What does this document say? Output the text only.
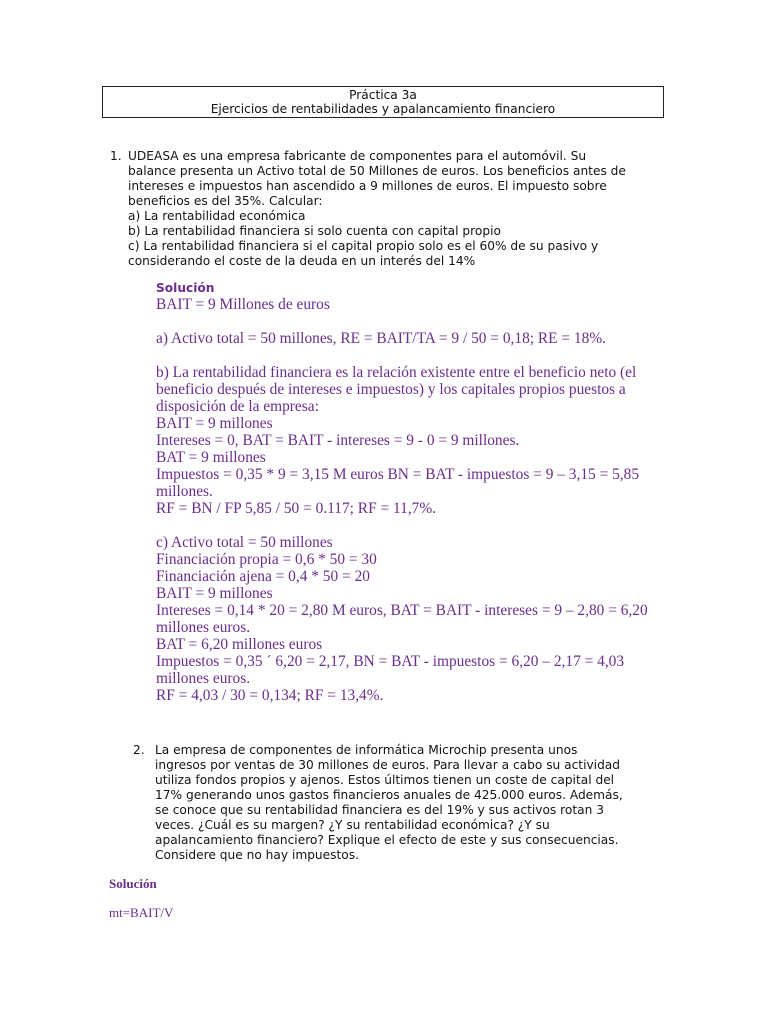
Práctica 3a
Ejercicios de rentabilidades y apalancamiento financiero
1. UDEASA es una empresa fabricante de componentes para el automóvil. Su
balance presenta un Activo total de 50 Millones de euros. Los beneficios antes de
intereses e impuestos han ascendido a 9 millones de euros. El impuesto sobre
beneficios es del 35%. Calcular:
a) La rentabilidad económica
b) La rentabilidad financiera si solo cuenta con capital propio
c) La rentabilidad financiera si el capital propio solo es el 60% de su pasivo y
considerando el coste de la deuda en un interés del 14%
Solución
BAIT = 9 Millones de euros
a) Activo total = 50 millones, RE = BAIT/TA = 9 / 50 = 0,18; RE = 18%.
b) La rentabilidad financiera es la relación existente entre el beneficio neto (el
beneficio después de intereses e impuestos) y los capitales propios puestos a
disposición de la empresa:
BAIT = 9 millones
Intereses = 0, BAT = BAIT - intereses = 9 - 0 = 9 millones.
BAT = 9 millones
Impuestos = 0,35 * 9 = 3,15 M euros BN = BAT - impuestos = 9 – 3,15 = 5,85
millones.
RF = BN / FP 5,85 / 50 = 0.117; RF = 11,7%.
c) Activo total = 50 millones
Financiación propia = 0,6 * 50 = 30
Financiación ajena = 0,4 * 50 = 20
BAIT = 9 millones
Intereses = 0,14 * 20 = 2,80 M euros, BAT = BAIT - intereses = 9 – 2,80 = 6,20
millones euros.
BAT = 6,20 millones euros
Impuestos = 0,35 ´ 6,20 = 2,17, BN = BAT - impuestos = 6,20 – 2,17 = 4,03
millones euros.
RF = 4,03 / 30 = 0,134; RF = 13,4%.
2. La empresa de componentes de informática Microchip presenta unos
ingresos por ventas de 30 millones de euros. Para llevar a cabo su actividad
utiliza fondos propios y ajenos. Estos últimos tienen un coste de capital del
17% generando unos gastos financieros anuales de 425.000 euros. Además,
se conoce que su rentabilidad financiera es del 19% y sus activos rotan 3
veces. ¿Cuál es su margen? ¿Y su rentabilidad económica? ¿Y su
apalancamiento financiero? Explique el efecto de este y sus consecuencias.
Considere que no hay impuestos.
Solución
mt=BAIT/V
